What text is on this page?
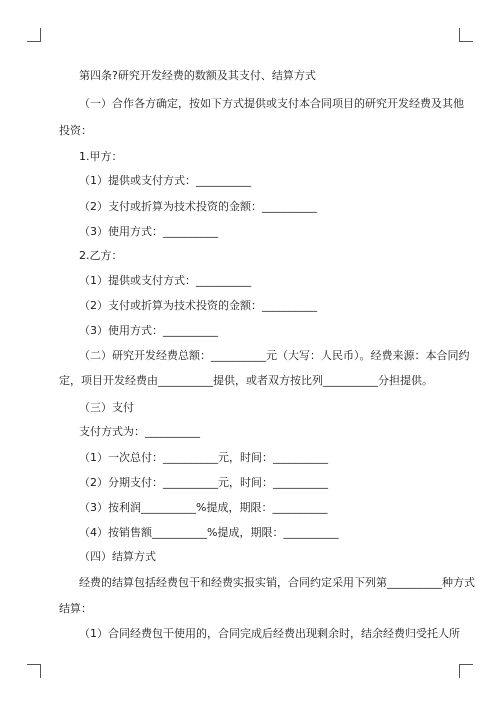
第四条?研究开发经费的数额及其支付、结算方式
（一）合作各方确定，按如下方式提供或支付本合同项目的研究开发经费及其他
投资：
1.甲方：
（1）提供或支付方式：__________
（2）支付或折算为技术投资的金额：__________
（3）使用方式：__________
2.乙方：
（1）提供或支付方式：__________
（2）支付或折算为技术投资的金额：__________
（3）使用方式：__________
（二）研究开发经费总额：__________元（大写：人民币）。经费来源：本合同约
定，项目开发经费由__________提供，或者双方按比列__________分担提供。
（三）支付
支付方式为：__________
（1）一次总付：__________元，时间：__________
（2）分期支付：__________元，时间：__________
（3）按利润__________%提成，期限：__________
（4）按销售额__________%提成，期限：__________
（四）结算方式
经费的结算包括经费包干和经费实报实销，合同约定采用下列第__________种方式
结算：
（1）合同经费包干使用的，合同完成后经费出现剩余时，结余经费归受托人所
